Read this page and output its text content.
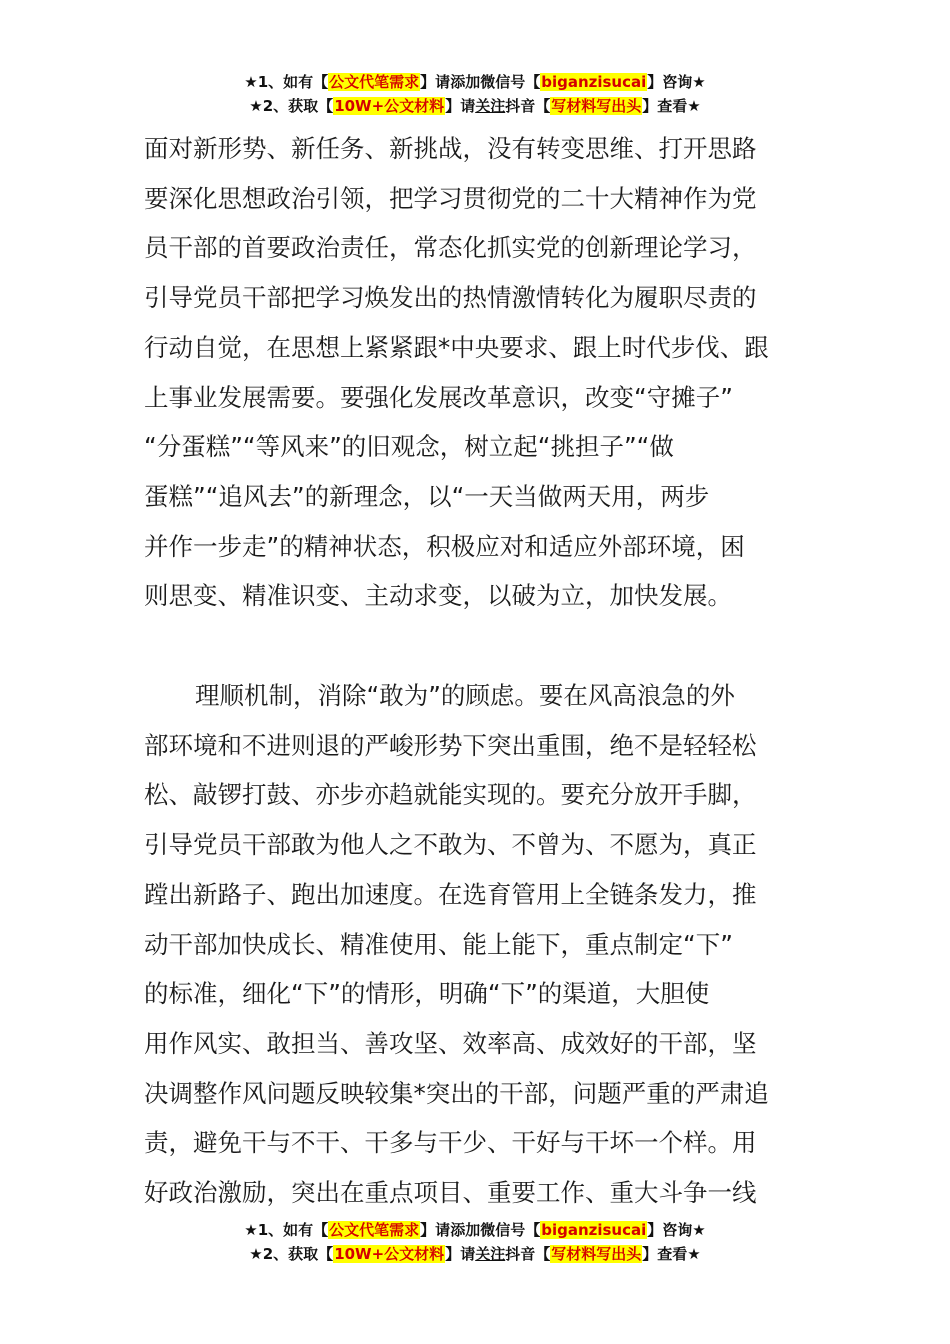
★1、如有【公文代笔需求】请添加微信号【biganzisucai】咨询★
★2、获取【10W+公文材料】请关注抖音【写材料写出头】查看★

面对新形势、新任务、新挑战，没有转变思维、打开思路
要深化思想政治引领，把学习贯彻党的二十大精神作为党
员干部的首要政治责任，常态化抓实党的创新理论学习，
引导党员干部把学习焕发出的热情激情转化为履职尽责的
行动自觉，在思想上紧紧跟*中央要求、跟上时代步伐、跟
上事业发展需要。要强化发展改革意识，改变“守摊子”
“分蛋糕”“等风来”的旧观念，树立起“挑担子”“做
蛋糕”“追风去”的新理念，以“一天当做两天用，两步
并作一步走”的精神状态，积极应对和适应外部环境，困
则思变、精准识变、主动求变，以破为立，加快发展。

理顺机制，消除“敢为”的顾虑。要在风高浪急的外
部环境和不进则退的严峻形势下突出重围，绝不是轻轻松
松、敲锣打鼓、亦步亦趋就能实现的。要充分放开手脚，
引导党员干部敢为他人之不敢为、不曾为、不愿为，真正
蹚出新路子、跑出加速度。在选育管用上全链条发力，推
动干部加快成长、精准使用、能上能下，重点制定“下”
的标准，细化“下”的情形，明确“下”的渠道，大胆使
用作风实、敢担当、善攻坚、效率高、成效好的干部，坚
决调整作风问题反映较集*突出的干部，问题严重的严肃追
责，避免干与不干、干多与干少、干好与干坏一个样。用
好政治激励，突出在重点项目、重要工作、重大斗争一线

★1、如有【公文代笔需求】请添加微信号【biganzisucai】咨询★
★2、获取【10W+公文材料】请关注抖音【写材料写出头】查看★
